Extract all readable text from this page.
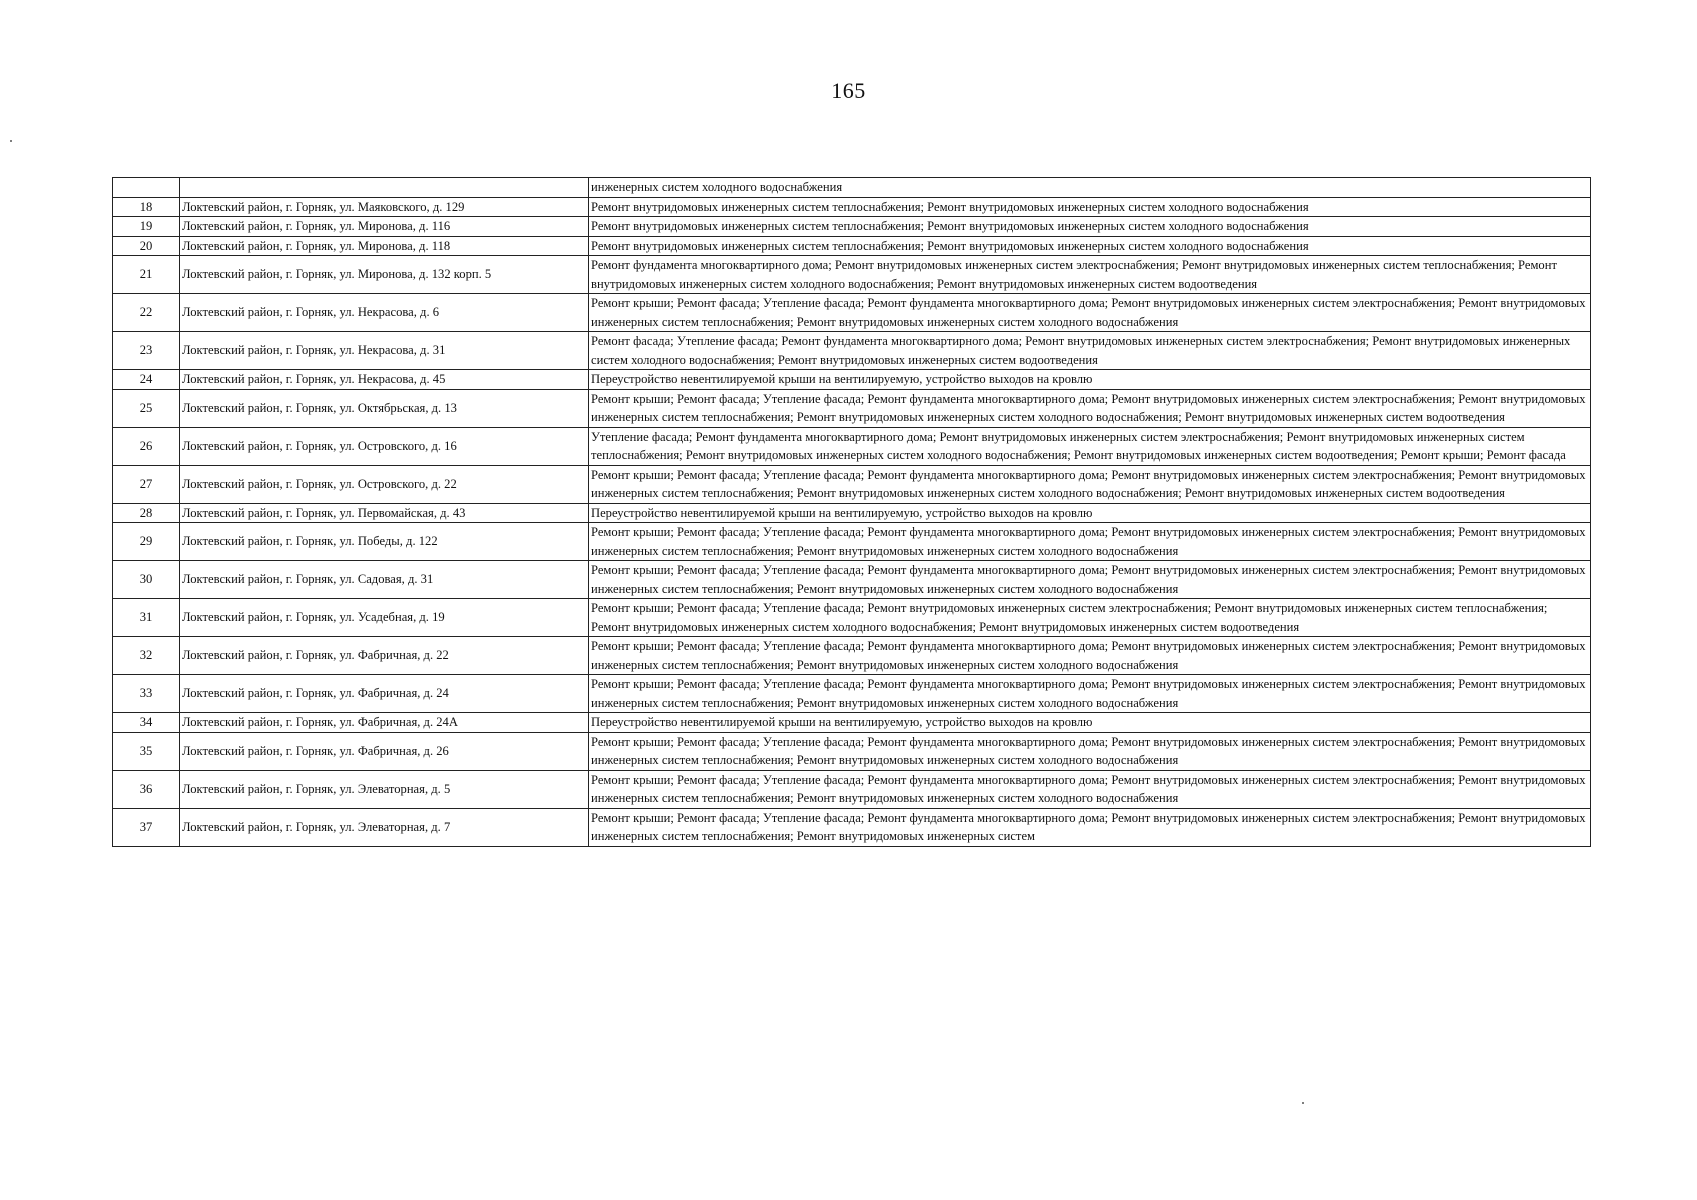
165
		инженерных систем холодного водоснабжения
18	Локтевский район, г. Горняк, ул. Маяковского, д. 129	Ремонт внутридомовых инженерных систем теплоснабжения; Ремонт внутридомовых инженерных систем холодного водоснабжения
19	Локтевский район, г. Горняк, ул. Миронова, д. 116	Ремонт внутридомовых инженерных систем теплоснабжения; Ремонт внутридомовых инженерных систем холодного водоснабжения
20	Локтевский район, г. Горняк, ул. Миронова, д. 118	Ремонт внутридомовых инженерных систем теплоснабжения; Ремонт внутридомовых инженерных систем холодного водоснабжения
21	Локтевский район, г. Горняк, ул. Миронова, д. 132 корп. 5	Ремонт фундамента многоквартирного дома; Ремонт внутридомовых инженерных систем электроснабжения; Ремонт внутридомовых инженерных систем теплоснабжения; Ремонт внутридомовых инженерных систем холодного водоснабжения; Ремонт внутридомовых инженерных систем водоотведения
22	Локтевский район, г. Горняк, ул. Некрасова, д. 6	Ремонт крыши; Ремонт фасада; Утепление фасада; Ремонт фундамента многоквартирного дома; Ремонт внутридомовых инженерных систем электроснабжения; Ремонт внутридомовых инженерных систем теплоснабжения; Ремонт внутридомовых инженерных систем холодного водоснабжения
23	Локтевский район, г. Горняк, ул. Некрасова, д. 31	Ремонт фасада; Утепление фасада; Ремонт фундамента многоквартирного дома; Ремонт внутридомовых инженерных систем электроснабжения; Ремонт внутридомовых инженерных систем холодного водоснабжения; Ремонт внутридомовых инженерных систем водоотведения
24	Локтевский район, г. Горняк, ул. Некрасова, д. 45	Переустройство невентилируемой крыши на вентилируемую, устройство выходов на кровлю
25	Локтевский район, г. Горняк, ул. Октябрьская, д. 13	Ремонт крыши; Ремонт фасада; Утепление фасада; Ремонт фундамента многоквартирного дома; Ремонт внутридомовых инженерных систем электроснабжения; Ремонт внутридомовых инженерных систем теплоснабжения; Ремонт внутридомовых инженерных систем холодного водоснабжения; Ремонт внутридомовых инженерных систем водоотведения
26	Локтевский район, г. Горняк, ул. Островского, д. 16	Утепление фасада; Ремонт фундамента многоквартирного дома; Ремонт внутридомовых инженерных систем электроснабжения; Ремонт внутридомовых инженерных систем теплоснабжения; Ремонт внутридомовых инженерных систем холодного водоснабжения; Ремонт внутридомовых инженерных систем водоотведения; Ремонт крыши; Ремонт фасада
27	Локтевский район, г. Горняк, ул. Островского, д. 22	Ремонт крыши; Ремонт фасада; Утепление фасада; Ремонт фундамента многоквартирного дома; Ремонт внутридомовых инженерных систем электроснабжения; Ремонт внутридомовых инженерных систем теплоснабжения; Ремонт внутридомовых инженерных систем холодного водоснабжения; Ремонт внутридомовых инженерных систем водоотведения
28	Локтевский район, г. Горняк, ул. Первомайская, д. 43	Переустройство невентилируемой крыши на вентилируемую, устройство выходов на кровлю
29	Локтевский район, г. Горняк, ул. Победы, д. 122	Ремонт крыши; Ремонт фасада; Утепление фасада; Ремонт фундамента многоквартирного дома; Ремонт внутридомовых инженерных систем электроснабжения; Ремонт внутридомовых инженерных систем теплоснабжения; Ремонт внутридомовых инженерных систем холодного водоснабжения
30	Локтевский район, г. Горняк, ул. Садовая, д. 31	Ремонт крыши; Ремонт фасада; Утепление фасада; Ремонт фундамента многоквартирного дома; Ремонт внутридомовых инженерных систем электроснабжения; Ремонт внутридомовых инженерных систем теплоснабжения; Ремонт внутридомовых инженерных систем холодного водоснабжения
31	Локтевский район, г. Горняк, ул. Усадебная, д. 19	Ремонт крыши; Ремонт фасада; Утепление фасада; Ремонт внутридомовых инженерных систем электроснабжения; Ремонт внутридомовых инженерных систем теплоснабжения; Ремонт внутридомовых инженерных систем холодного водоснабжения; Ремонт внутридомовых инженерных систем водоотведения
32	Локтевский район, г. Горняк, ул. Фабричная, д. 22	Ремонт крыши; Ремонт фасада; Утепление фасада; Ремонт фундамента многоквартирного дома; Ремонт внутридомовых инженерных систем электроснабжения; Ремонт внутридомовых инженерных систем теплоснабжения; Ремонт внутридомовых инженерных систем холодного водоснабжения
33	Локтевский район, г. Горняк, ул. Фабричная, д. 24	Ремонт крыши; Ремонт фасада; Утепление фасада; Ремонт фундамента многоквартирного дома; Ремонт внутридомовых инженерных систем электроснабжения; Ремонт внутридомовых инженерных систем теплоснабжения; Ремонт внутридомовых инженерных систем холодного водоснабжения
34	Локтевский район, г. Горняк, ул. Фабричная, д. 24А	Переустройство невентилируемой крыши на вентилируемую, устройство выходов на кровлю
35	Локтевский район, г. Горняк, ул. Фабричная, д. 26	Ремонт крыши; Ремонт фасада; Утепление фасада; Ремонт фундамента многоквартирного дома; Ремонт внутридомовых инженерных систем электроснабжения; Ремонт внутридомовых инженерных систем теплоснабжения; Ремонт внутридомовых инженерных систем холодного водоснабжения
36	Локтевский район, г. Горняк, ул. Элеваторная, д. 5	Ремонт крыши; Ремонт фасада; Утепление фасада; Ремонт фундамента многоквартирного дома; Ремонт внутридомовых инженерных систем электроснабжения; Ремонт внутридомовых инженерных систем теплоснабжения; Ремонт внутридомовых инженерных систем холодного водоснабжения
37	Локтевский район, г. Горняк, ул. Элеваторная, д. 7	Ремонт крыши; Ремонт фасада; Утепление фасада; Ремонт фундамента многоквартирного дома; Ремонт внутридомовых инженерных систем электроснабжения; Ремонт внутридомовых инженерных систем теплоснабжения; Ремонт внутридомовых инженерных систем
